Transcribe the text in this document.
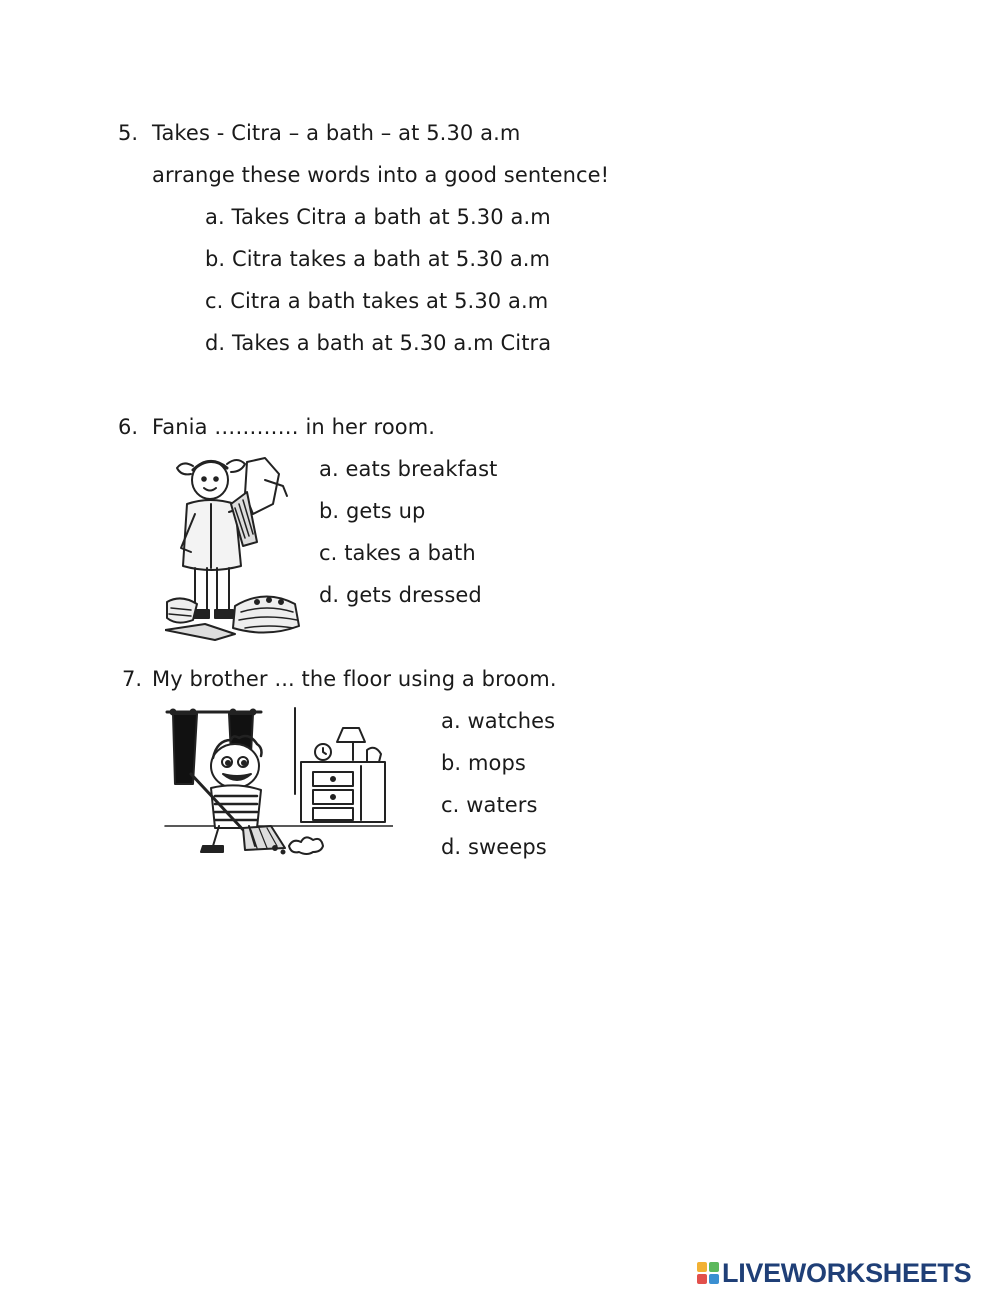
5. Takes - Citra – a bath – at 5.30 a.m
arrange these words into a good sentence!
a. Takes Citra a bath at 5.30 a.m
b. Citra takes a bath at 5.30 a.m
c. Citra a bath takes at 5.30 a.m
d. Takes a bath at 5.30 a.m Citra
6. Fania ………… in her room.
a. eats breakfast
b. gets up
c. takes a bath
d. gets dressed
7. My brother ... the floor using a broom.
a. watches
b. mops
c. waters
d. sweeps
LIVEWORKSHEETS
